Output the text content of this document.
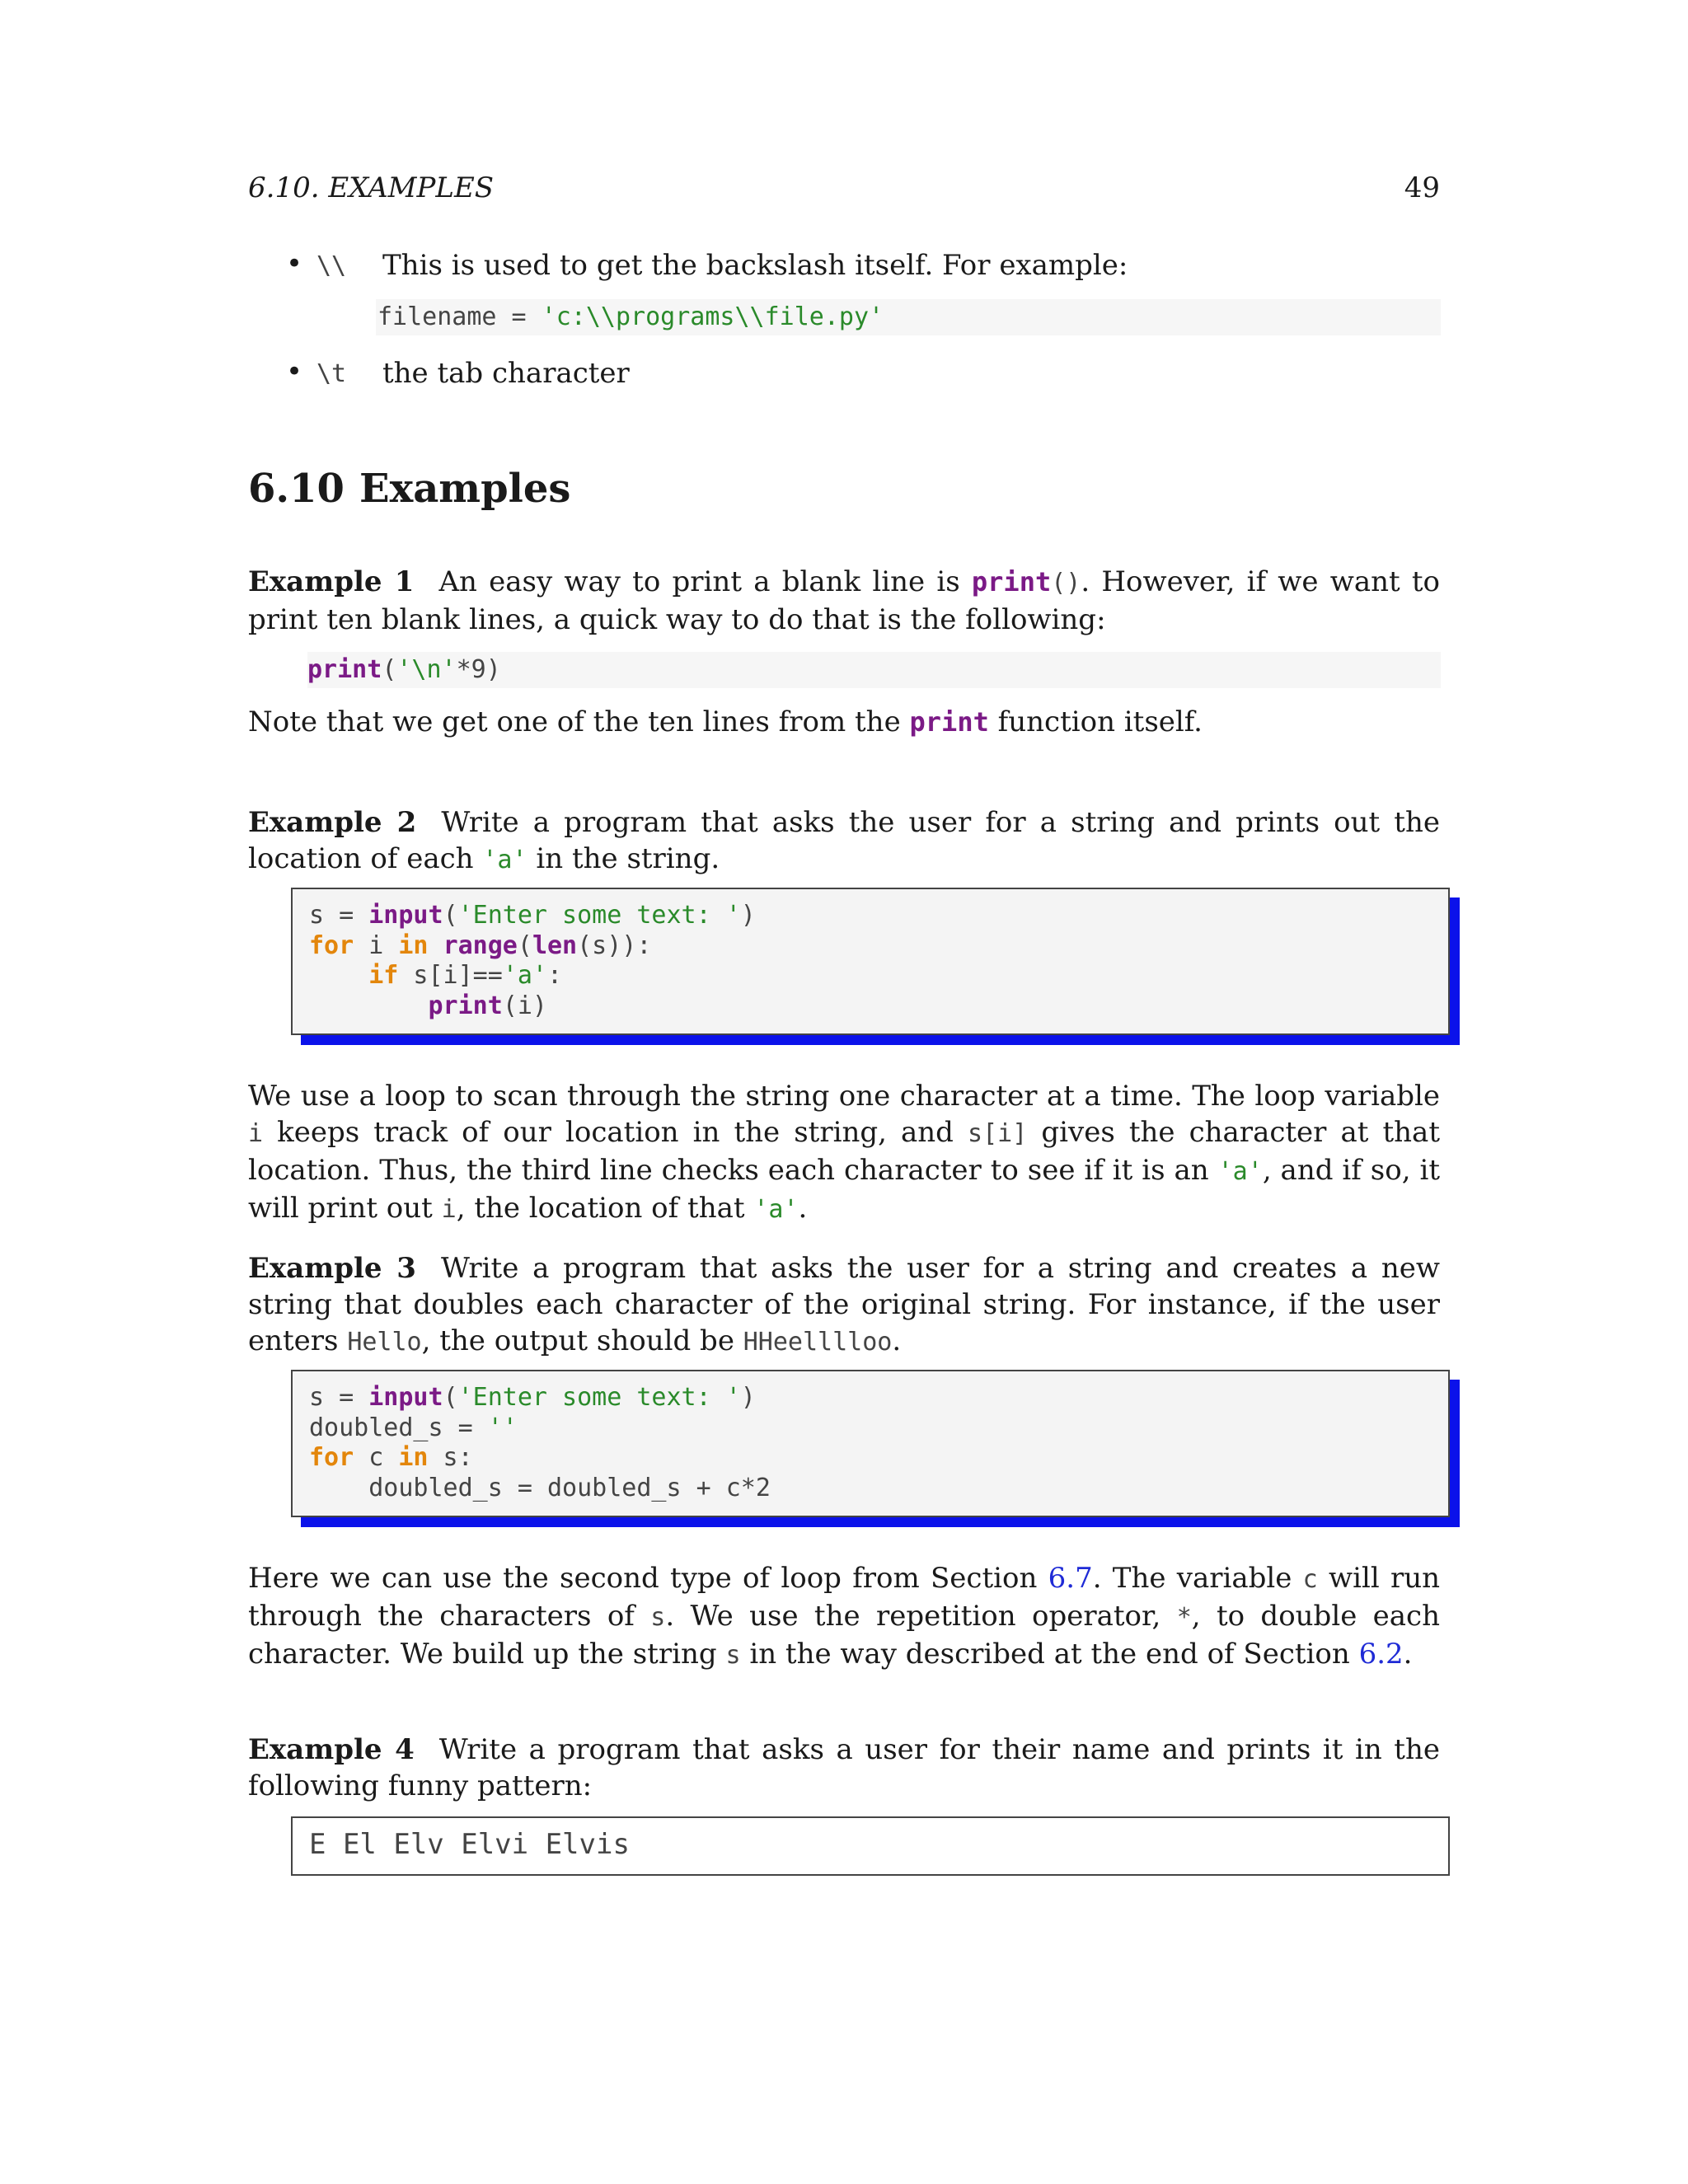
6.10. EXAMPLES	49
• \\ This is used to get the backslash itself. For example:
filename = 'c:\\programs\\file.py'
• \t the tab character
6.10 Examples
Example 1 An easy way to print a blank line is print(). However, if we want to print ten blank lines, a quick way to do that is the following:
print('\n'*9)
Note that we get one of the ten lines from the print function itself.
Example 2 Write a program that asks the user for a string and prints out the location of each 'a' in the string.
s = input('Enter some text: ')
for i in range(len(s)):
if s[i]=='a':
print(i)
We use a loop to scan through the string one character at a time. The loop variable i keeps track of our location in the string, and s[i] gives the character at that location. Thus, the third line checks each character to see if it is an 'a', and if so, it will print out i, the location of that 'a'.
Example 3 Write a program that asks the user for a string and creates a new string that doubles each character of the original string. For instance, if the user enters Hello, the output should be HHeelllloo.
s = input('Enter some text: ')
doubled_s = ''
for c in s:
doubled_s = doubled_s + c*2
Here we can use the second type of loop from Section 6.7. The variable c will run through the characters of s. We use the repetition operator, *, to double each character. We build up the string s in the way described at the end of Section 6.2.
Example 4 Write a program that asks a user for their name and prints it in the following funny pattern:
E El Elv Elvi Elvis
